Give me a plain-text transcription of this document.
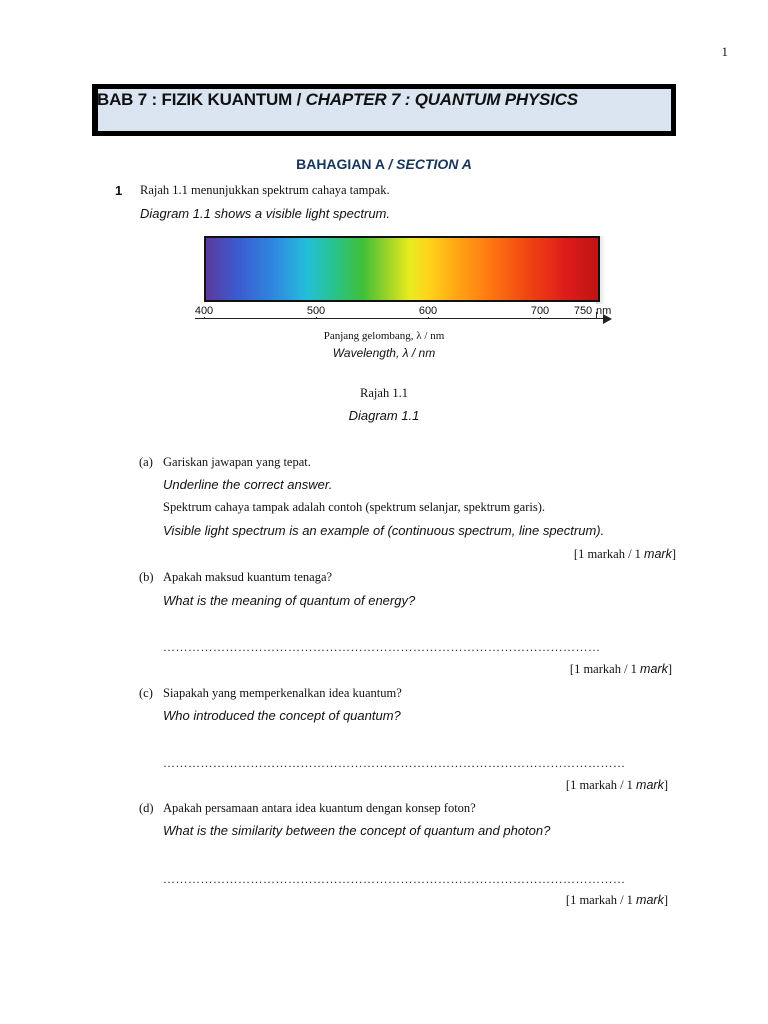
1
BAB 7 : FIZIK KUANTUM / CHAPTER 7 : QUANTUM PHYSICS
BAHAGIAN A / SECTION A
1 Rajah 1.1 menunjukkan spektrum cahaya tampak.
Diagram 1.1 shows a visible light spectrum.
400	500	600	700 750 nm
Panjang gelombang, λ / nm
Wavelength, λ / nm
Rajah 1.1
Diagram 1.1
(a) Gariskan jawapan yang tepat.
Underline the correct answer.
Spektrum cahaya tampak adalah contoh (spektrum selanjar, spektrum garis).
Visible light spectrum is an example of (continuous spectrum, line spectrum).
[1 markah / 1 mark]
(b) Apakah maksud kuantum tenaga?
What is the meaning of quantum of energy?
……………………………………………………………………………………………
[1 markah / 1 mark]
(c) Siapakah yang memperkenalkan idea kuantum?
Who introduced the concept of quantum?
…………………………………………………………………………………………………
[1 markah / 1 mark]
(d) Apakah persamaan antara idea kuantum dengan konsep foton?
What is the similarity between the concept of quantum and photon?
…………………………………………………………………………………………………
[1 markah / 1 mark]
